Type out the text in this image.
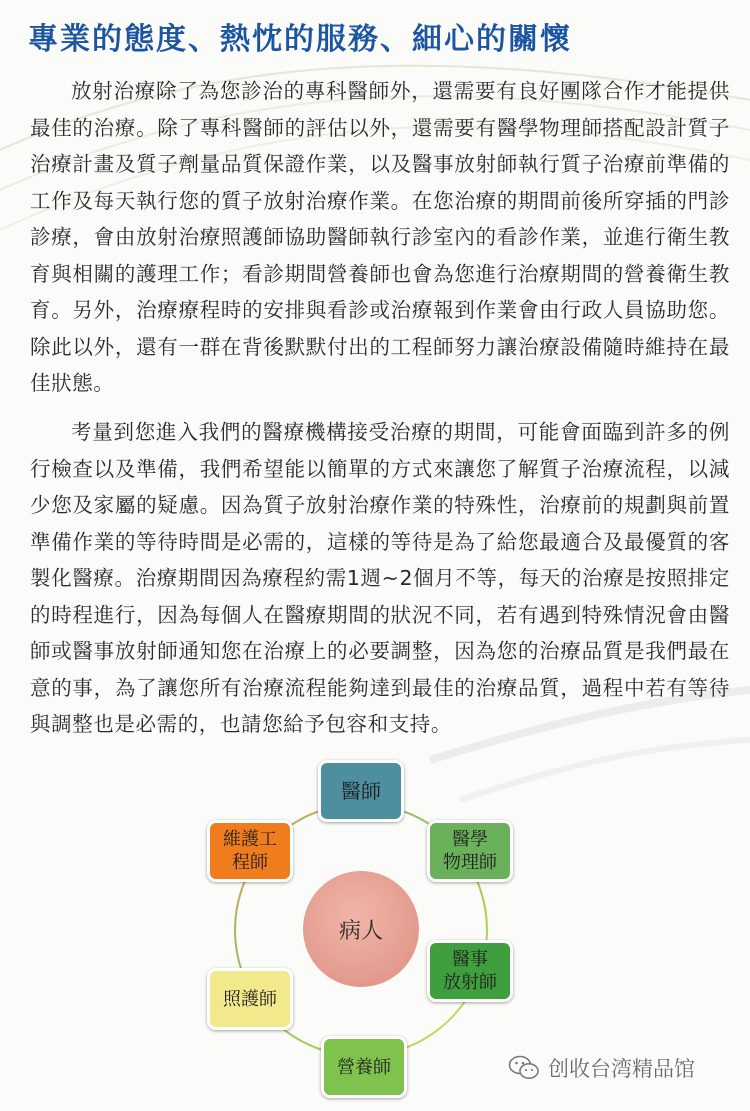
專業的態度、熱忱的服務、細心的關懷

放射治療除了為您診治的專科醫師外，還需要有良好團隊合作才能提供最佳的治療。除了專科醫師的評估以外，還需要有醫學物理師搭配設計質子治療計畫及質子劑量品質保證作業，以及醫事放射師執行質子治療前準備的工作及每天執行您的質子放射治療作業。在您治療的期間前後所穿插的門診診療，會由放射治療照護師協助醫師執行診室內的看診作業，並進行衛生教育與相關的護理工作；看診期間營養師也會為您進行治療期間的營養衛生教育。另外，治療療程時的安排與看診或治療報到作業會由行政人員協助您。除此以外，還有一群在背後默默付出的工程師努力讓治療設備隨時維持在最佳狀態。

考量到您進入我們的醫療機構接受治療的期間，可能會面臨到許多的例行檢查以及準備，我們希望能以簡單的方式來讓您了解質子治療流程，以減少您及家屬的疑慮。因為質子放射治療作業的特殊性，治療前的規劃與前置準備作業的等待時間是必需的，這樣的等待是為了給您最適合及最優質的客製化醫療。治療期間因為療程約需1週~2個月不等，每天的治療是按照排定的時程進行，因為每個人在醫療期間的狀況不同，若有遇到特殊情況會由醫師或醫事放射師通知您在治療上的必要調整，因為您的治療品質是我們最在意的事，為了讓您所有治療流程能夠達到最佳的治療品質，過程中若有等待與調整也是必需的，也請您給予包容和支持。

病人
醫師
醫學
物理師
醫事
放射師
營養師
照護師
維護工
程師
创收台湾精品馆
